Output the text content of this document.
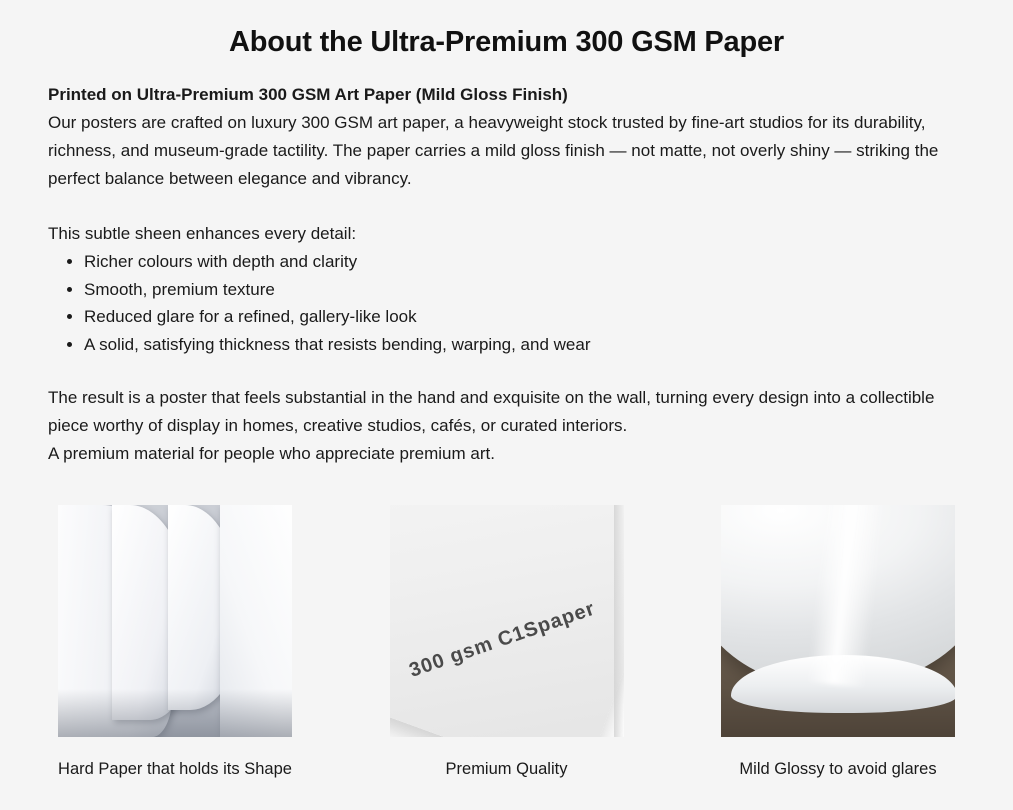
About the Ultra-Premium 300 GSM Paper
Printed on Ultra-Premium 300 GSM Art Paper (Mild Gloss Finish)

Our posters are crafted on luxury 300 GSM art paper, a heavyweight stock trusted by fine-art studios for its durability, richness, and museum-grade tactility. The paper carries a mild gloss finish — not matte, not overly shiny — striking the perfect balance between elegance and vibrancy.

This subtle sheen enhances every detail:

• Richer colours with depth and clarity
• Smooth, premium texture
• Reduced glare for a refined, gallery-like look
• A solid, satisfying thickness that resists bending, warping, and wear

The result is a poster that feels substantial in the hand and exquisite on the wall, turning every design into a collectible piece worthy of display in homes, creative studios, cafés, or curated interiors.

A premium material for people who appreciate premium art.

Hard Paper that holds its Shape
300 gsm C1Spaper
Premium Quality	Mild Glossy to avoid glares
